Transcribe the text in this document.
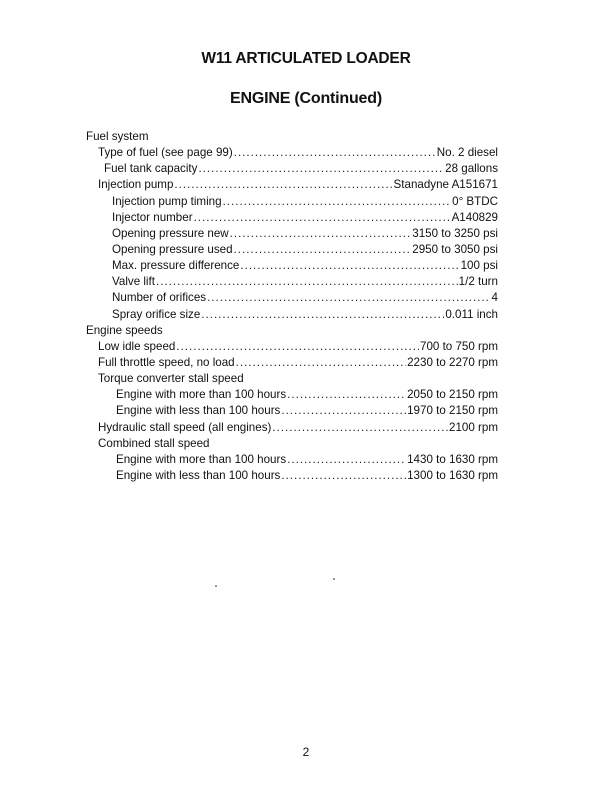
W11 ARTICULATED LOADER
ENGINE (Continued)
Fuel system
Type of fuel (see page 99) .....	No. 2 diesel
Fuel tank capacity .....	28 gallons
Injection pump .....	Stanadyne A151671
Injection pump timing .....	0° BTDC
Injector number .....	A140829
Opening pressure new .....	3150 to 3250 psi
Opening pressure used .....	2950 to 3050 psi
Max. pressure difference .....	100 psi
Valve lift .....	1/2 turn
Number of orifices .....	4
Spray orifice size .....	0.011 inch
Engine speeds
Low idle speed .....	700 to 750 rpm
Full throttle speed, no load .....	2230 to 2270 rpm
Torque converter stall speed
Engine with more than 100 hours .....	2050 to 2150 rpm
Engine with less than 100 hours .....	1970 to 2150 rpm
Hydraulic stall speed (all engines) .....	2100 rpm
Combined stall speed
Engine with more than 100 hours .....	1430 to 1630 rpm
Engine with less than 100 hours .....	1300 to 1630 rpm
2
